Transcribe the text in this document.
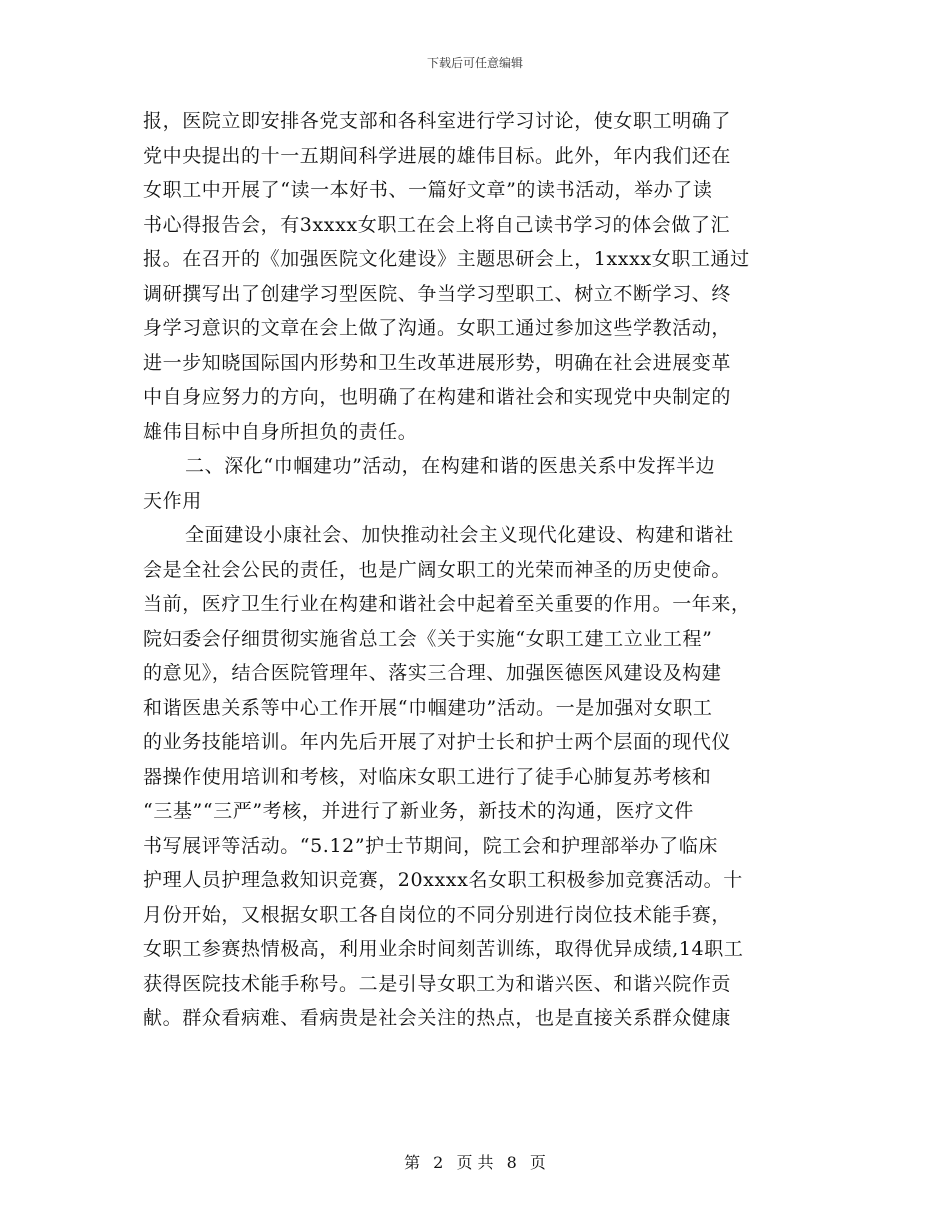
下载后可任意编辑
报，医院立即安排各党支部和各科室进行学习讨论，使女职工明确了
党中央提出的十一五期间科学进展的雄伟目标。此外，年内我们还在
女职工中开展了“读一本好书、一篇好文章”的读书活动，举办了读
书心得报告会，有3xxxx女职工在会上将自己读书学习的体会做了汇
报。在召开的《加强医院文化建设》主题思研会上，1xxxx女职工通过
调研撰写出了创建学习型医院、争当学习型职工、树立不断学习、终
身学习意识的文章在会上做了沟通。女职工通过参加这些学教活动，
进一步知晓国际国内形势和卫生改革进展形势，明确在社会进展变革
中自身应努力的方向，也明确了在构建和谐社会和实现党中央制定的
雄伟目标中自身所担负的责任。
二、深化“巾帼建功”活动，在构建和谐的医患关系中发挥半边
天作用
全面建设小康社会、加快推动社会主义现代化建设、构建和谐社
会是全社会公民的责任，也是广阔女职工的光荣而神圣的历史使命。
当前，医疗卫生行业在构建和谐社会中起着至关重要的作用。一年来，
院妇委会仔细贯彻实施省总工会《关于实施“女职工建工立业工程”
的意见》，结合医院管理年、落实三合理、加强医德医风建设及构建
和谐医患关系等中心工作开展“巾帼建功”活动。一是加强对女职工
的业务技能培训。年内先后开展了对护士长和护士两个层面的现代仪
器操作使用培训和考核，对临床女职工进行了徒手心肺复苏考核和
“三基”“三严”考核，并进行了新业务，新技术的沟通，医疗文件
书写展评等活动。“5.12”护士节期间，院工会和护理部举办了临床
护理人员护理急救知识竞赛，20xxxx名女职工积极参加竞赛活动。十
月份开始，又根据女职工各自岗位的不同分别进行岗位技术能手赛，
女职工参赛热情极高，利用业余时间刻苦训练，取得优异成绩,14职工
获得医院技术能手称号。二是引导女职工为和谐兴医、和谐兴院作贡
献。群众看病难、看病贵是社会关注的热点，也是直接关系群众健康
第 2 页 共 8 页
